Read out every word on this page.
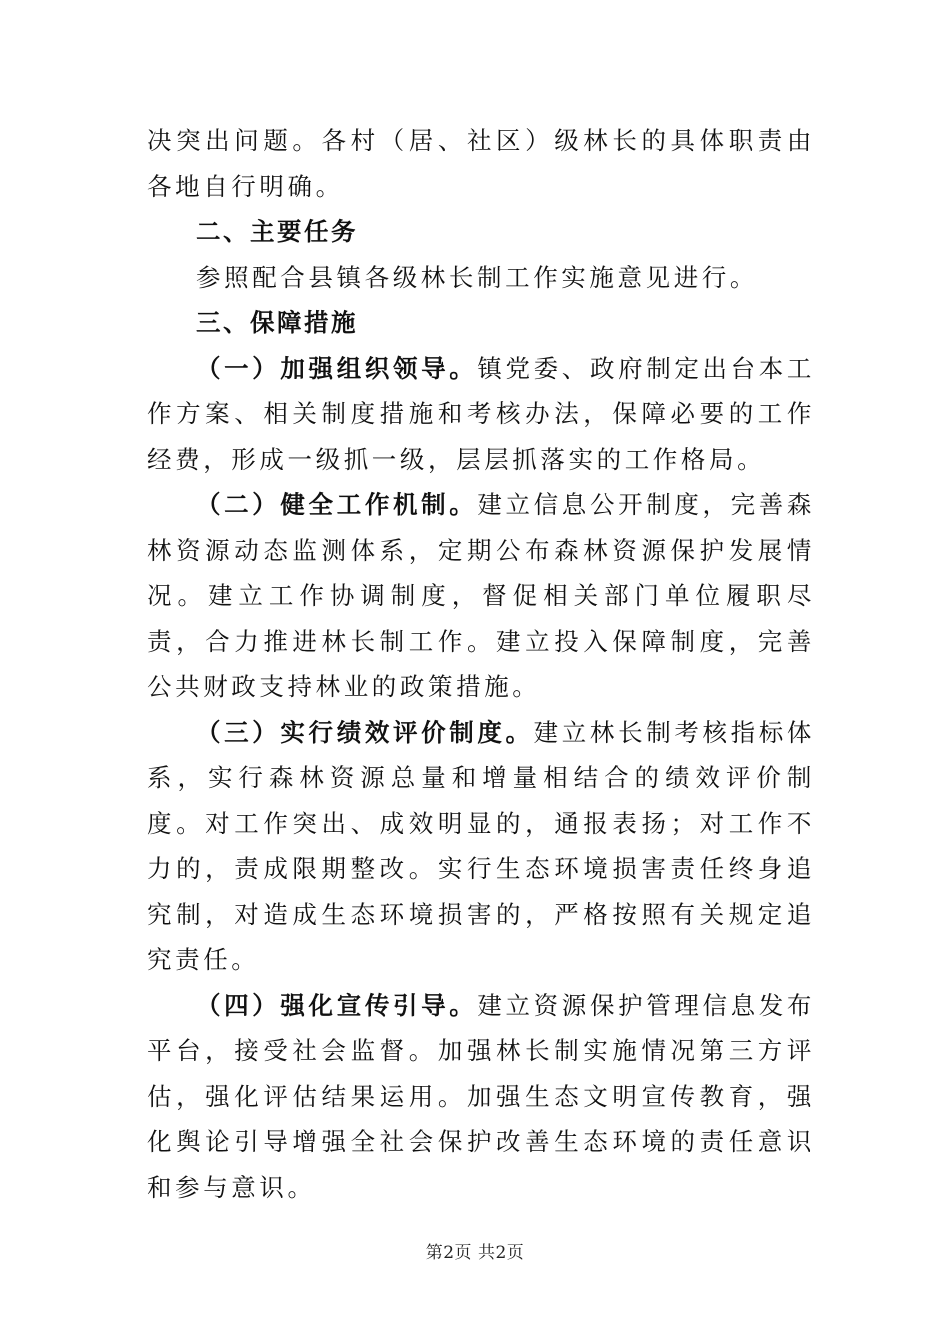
决突出问题。各村（居、社区）级林长的具体职责由各地自行明确。

二、主要任务

参照配合县镇各级林长制工作实施意见进行。

三、保障措施

（一）加强组织领导。镇党委、政府制定出台本工作方案、相关制度措施和考核办法，保障必要的工作经费，形成一级抓一级，层层抓落实的工作格局。

（二）健全工作机制。建立信息公开制度，完善森林资源动态监测体系，定期公布森林资源保护发展情况。建立工作协调制度，督促相关部门单位履职尽责，合力推进林长制工作。建立投入保障制度，完善公共财政支持林业的政策措施。

（三）实行绩效评价制度。建立林长制考核指标体系，实行森林资源总量和增量相结合的绩效评价制度。对工作突出、成效明显的，通报表扬；对工作不力的，责成限期整改。实行生态环境损害责任终身追究制，对造成生态环境损害的，严格按照有关规定追究责任。

（四）强化宣传引导。建立资源保护管理信息发布平台，接受社会监督。加强林长制实施情况第三方评估，强化评估结果运用。加强生态文明宣传教育，强化舆论引导增强全社会保护改善生态环境的责任意识和参与意识。

第2页 共2页
